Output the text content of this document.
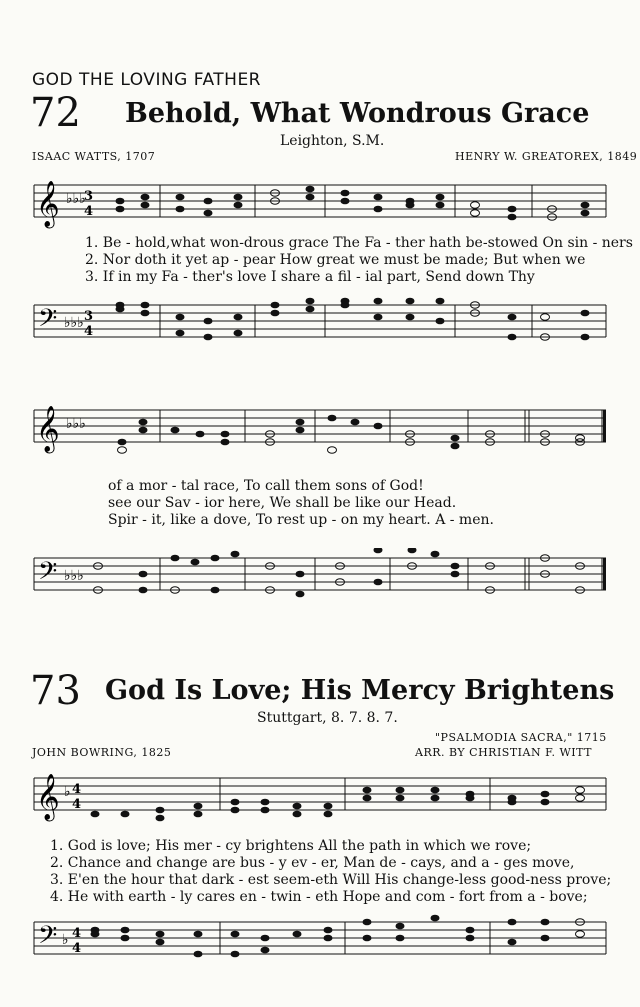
GOD THE LOVING FATHER
72 Behold, What Wondrous Grace
Leighton, S.M.
ISAAC WATTS, 1707	HENRY W. GREATOREX, 1849
𝄞 ♭♭♭
3
4
1. Be - hold,what won-drous grace The Fa - ther hath be-stowed On sin - ners
2. Nor doth it yet ap - pear How great we must be made; But when we
3. If in my Fa - ther's love I share a fil - ial part, Send down Thy
𝄢 ♭♭♭ 3
4
𝄞 ♭♭♭
of a mor - tal race, To call them sons of God!
see our Sav - ior here, We shall be like our Head.
Spir - it, like a dove, To rest up - on my heart. A - men.
𝄢 ♭♭♭
73 God Is Love; His Mercy Brightens
Stuttgart, 8. 7. 8. 7.
"PSALMODIA SACRA," 1715
ARR. BY CHRISTIAN F. WITT
JOHN BOWRING, 1825
𝄞 ♭ 4
4
1. God is love; His mer - cy brightens All the path in which we rove;
2. Chance and change are bus - y ev - er, Man de - cays, and a - ges move,
3. E'en the hour that dark - est seem-eth Will His change-less good-ness prove;
4. He with earth - ly cares en - twin - eth Hope and com - fort from a - bove;
𝄢 ♭ 4
4
